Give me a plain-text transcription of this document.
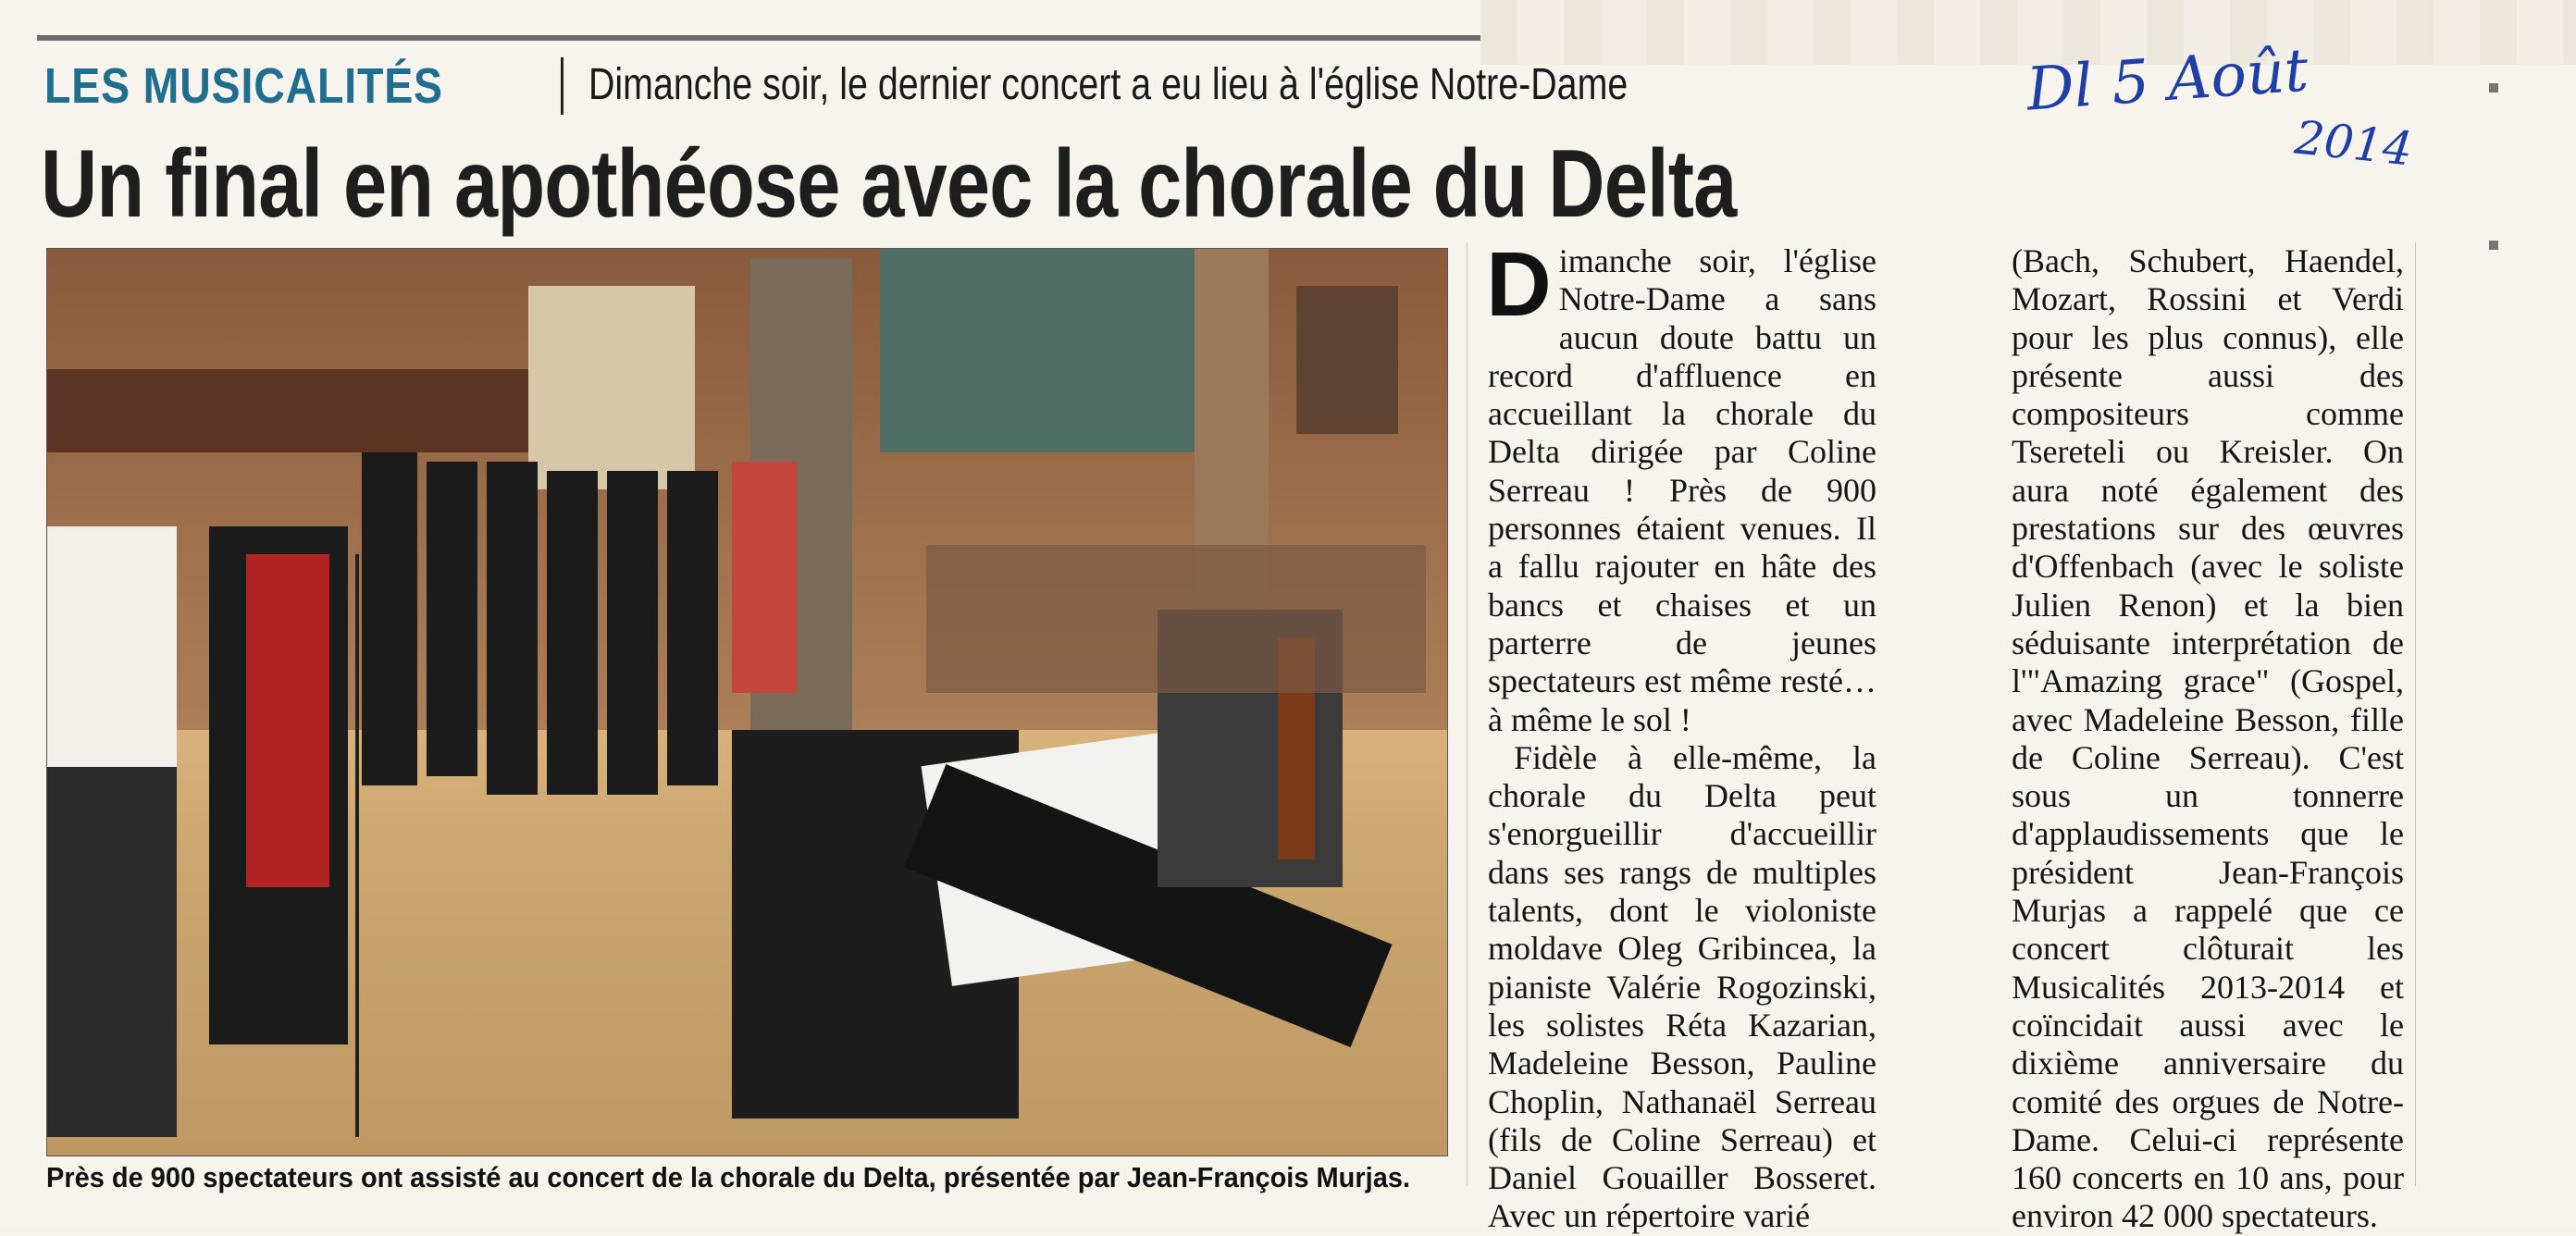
LES MUSICALITÉS	Dimanche soir, le dernier concert a eu lieu à l'église Notre-Dame	Dl 5 Août
2014
Un final en apothéose avec la chorale du Delta
Près de 900 spectateurs ont assisté au concert de la chorale du Delta, présentée par Jean-François Murjas.

Dimanche soir, l'église Notre-Dame a sans aucun doute battu un record d'affluence en accueillant la chorale du Delta dirigée par Coline Serreau ! Près de 900 personnes étaient venues. Il a fallu rajouter en hâte des bancs et chaises et un parterre de jeunes spectateurs est même resté… à même le sol !

Fidèle à elle-même, la chorale du Delta peut s'enorgueillir d'accueillir dans ses rangs de multiples talents, dont le violoniste moldave Oleg Gribincea, la pianiste Valérie Rogozinski, les solistes Réta Kazarian, Madeleine Besson, Pauline Choplin, Nathanaël Serreau (fils de Coline Serreau) et Daniel Gouailler Bosseret. Avec un répertoire varié

(Bach, Schubert, Haendel, Mozart, Rossini et Verdi pour les plus connus), elle présente aussi des compositeurs comme Tsereteli ou Kreisler. On aura noté également des prestations sur des œuvres d'Offenbach (avec le soliste Julien Renon) et la bien séduisante interprétation de l'"Amazing grace" (Gospel, avec Madeleine Besson, fille de Coline Serreau). C'est sous un tonnerre d'applaudissements que le président Jean-François Murjas a rappelé que ce concert clôturait les Musicalités 2013-2014 et coïncidait aussi avec le dixième anniversaire du comité des orgues de Notre-Dame. Celui-ci représente 160 concerts en 10 ans, pour environ 42 000 spectateurs.
